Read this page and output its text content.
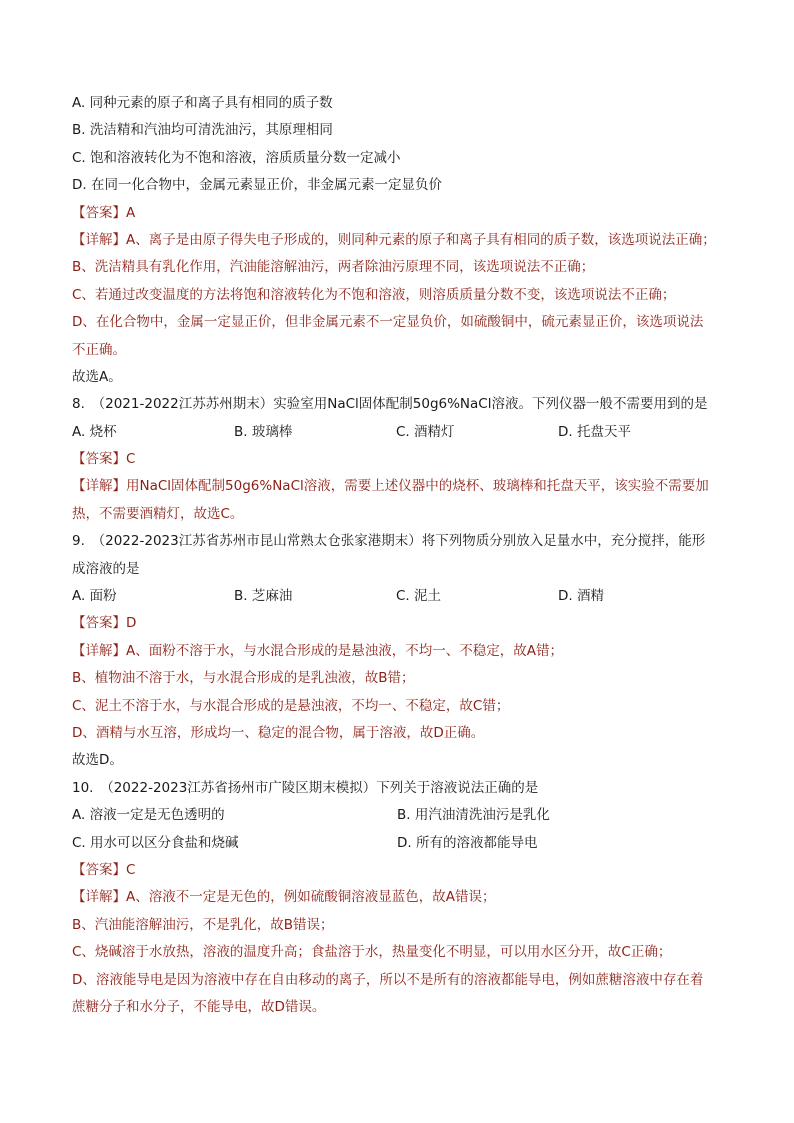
A. 同种元素的原子和离子具有相同的质子数
B. 洗洁精和汽油均可清洗油污，其原理相同
C. 饱和溶液转化为不饱和溶液，溶质质量分数一定减小
D. 在同一化合物中，金属元素显正价，非金属元素一定显负价
【答案】A
【详解】A、离子是由原子得失电子形成的，则同种元素的原子和离子具有相同的质子数，该选项说法正确；
B、洗洁精具有乳化作用，汽油能溶解油污，两者除油污原理不同，该选项说法不正确；
C、若通过改变温度的方法将饱和溶液转化为不饱和溶液，则溶质质量分数不变，该选项说法不正确；
D、在化合物中，金属一定显正价，但非金属元素不一定显负价，如硫酸铜中，硫元素显正价，该选项说法
不正确。
故选A。
8.　（2021-2022江苏苏州期末）实验室用NaCl固体配制50g6%NaCl溶液。下列仪器一般不需要用到的是
A. 烧杯	B. 玻璃棒	C. 酒精灯	D. 托盘天平
【答案】C
【详解】用NaCl固体配制50g6%NaCl溶液，需要上述仪器中的烧杯、玻璃棒和托盘天平，该实验不需要加
热，不需要酒精灯，故选C。
9.　（2022-2023江苏省苏州市昆山常熟太仓张家港期末）将下列物质分别放入足量水中，充分搅拌，能形
成溶液的是
A. 面粉	B. 芝麻油	C. 泥土	D. 酒精
【答案】D
【详解】A、面粉不溶于水，与水混合形成的是悬浊液，不均一、不稳定，故A错；
B、植物油不溶于水，与水混合形成的是乳浊液，故B错；
C、泥土不溶于水，与水混合形成的是悬浊液，不均一、不稳定，故C错；
D、酒精与水互溶，形成均一、稳定的混合物，属于溶液，故D正确。
故选D。
10.　（2022-2023江苏省扬州市广陵区期末模拟）下列关于溶液说法正确的是
A. 溶液一定是无色透明的	B. 用汽油清洗油污是乳化
C. 用水可以区分食盐和烧碱	D. 所有的溶液都能导电
【答案】C
【详解】A、溶液不一定是无色的，例如硫酸铜溶液显蓝色，故A错误；
B、汽油能溶解油污，不是乳化，故B错误；
C、烧碱溶于水放热，溶液的温度升高；食盐溶于水，热量变化不明显，可以用水区分开，故C正确；
D、溶液能导电是因为溶液中存在自由移动的离子，所以不是所有的溶液都能导电，例如蔗糖溶液中存在着
蔗糖分子和水分子，不能导电，故D错误。
